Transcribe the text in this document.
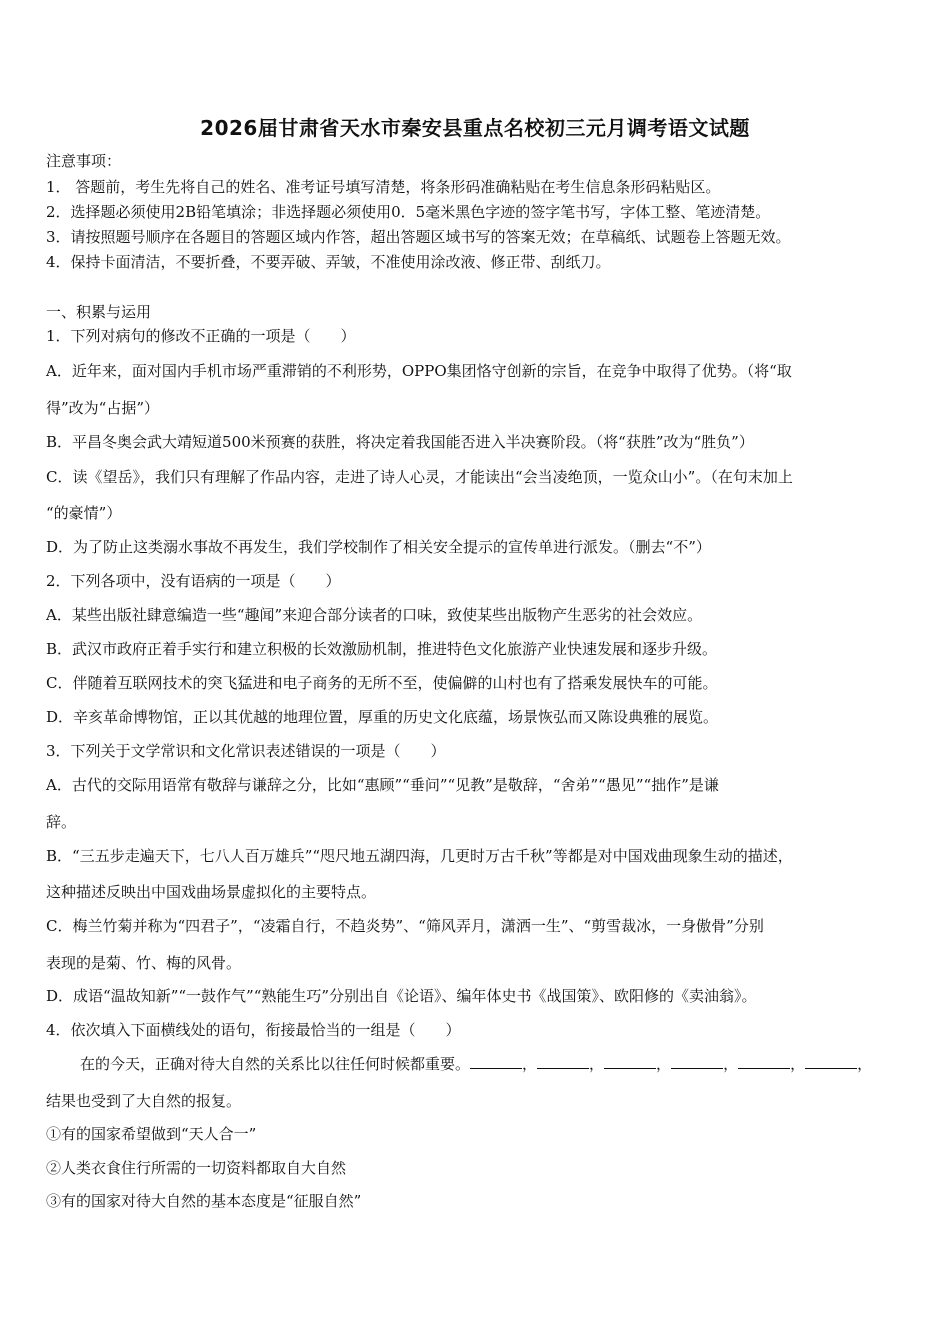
2026届甘肃省天水市秦安县重点名校初三元月调考语文试题
注意事项：
1． 答题前，考生先将自己的姓名、准考证号填写清楚，将条形码准确粘贴在考生信息条形码粘贴区。
2．选择题必须使用2B铅笔填涂；非选择题必须使用0．5毫米黑色字迹的签字笔书写，字体工整、笔迹清楚。
3．请按照题号顺序在各题目的答题区域内作答，超出答题区域书写的答案无效；在草稿纸、试题卷上答题无效。
4．保持卡面清洁，不要折叠，不要弄破、弄皱，不准使用涂改液、修正带、刮纸刀。
一、积累与运用
1．下列对病句的修改不正确的一项是（　　）
A．近年来，面对国内手机市场严重滞销的不利形势，OPPO集团恪守创新的宗旨，在竞争中取得了优势。（将“取
得”改为“占据”）
B．平昌冬奥会武大靖短道500米预赛的获胜，将决定着我国能否进入半决赛阶段。（将“获胜”改为“胜负”）
C．读《望岳》，我们只有理解了作品内容，走进了诗人心灵，才能读出“会当凌绝顶，一览众山小”。（在句末加上
“的豪情”）
D．为了防止这类溺水事故不再发生，我们学校制作了相关安全提示的宣传单进行派发。（删去“不”）
2．下列各项中，没有语病的一项是（　　）
A．某些出版社肆意编造一些“趣闻”来迎合部分读者的口味，致使某些出版物产生恶劣的社会效应。
B．武汉市政府正着手实行和建立积极的长效激励机制，推进特色文化旅游产业快速发展和逐步升级。
C．伴随着互联网技术的突飞猛进和电子商务的无所不至，使偏僻的山村也有了搭乘发展快车的可能。
D．辛亥革命博物馆，正以其优越的地理位置，厚重的历史文化底蕴，场景恢弘而又陈设典雅的展览。
3．下列关于文学常识和文化常识表述错误的一项是（　　）
A．古代的交际用语常有敬辞与谦辞之分，比如“惠顾”“垂问”“见教”是敬辞，“舍弟”“愚见”“拙作”是谦
辞。
B．“三五步走遍天下，七八人百万雄兵”“咫尺地五湖四海，几更时万古千秋”等都是对中国戏曲现象生动的描述，
这种描述反映出中国戏曲场景虚拟化的主要特点。
C．梅兰竹菊并称为“四君子”，“凌霜自行，不趋炎势”、“筛风弄月，潇洒一生”、“剪雪裁冰，一身傲骨”分别
表现的是菊、竹、梅的风骨。
D．成语“温故知新”“一鼓作气”“熟能生巧”分别出自《论语》、编年体史书《战国策》、欧阳修的《卖油翁》。
4．依次填入下面横线处的语句，衔接最恰当的一组是（　　）
在的今天，正确对待大自然的关系比以往任何时候都重要。	，	，	，	，	，	，
结果也受到了大自然的报复。
①有的国家希望做到“天人合一”
②人类衣食住行所需的一切资料都取自大自然
③有的国家对待大自然的基本态度是“征服自然”
